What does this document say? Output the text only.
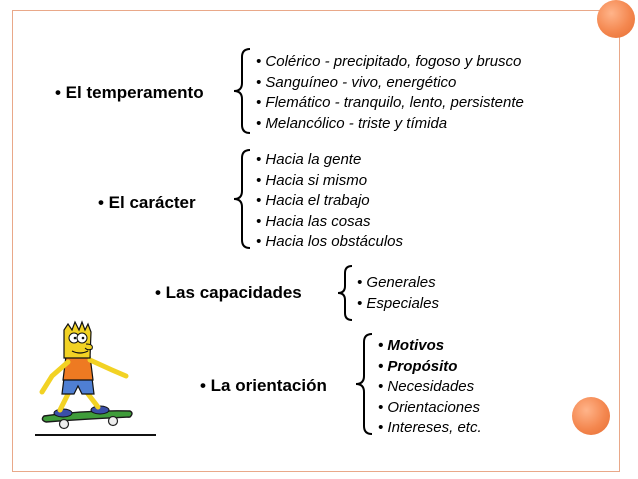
• El temperamento
• Colérico - precipitado, fogoso y brusco
• Sanguíneo - vivo, energético
• Flemático - tranquilo, lento, persistente
• Melancólico - triste y tímida
• El carácter
• Hacia la gente
• Hacia si mismo
• Hacia el trabajo
• Hacia las cosas
• Hacia los obstáculos
• Las capacidades
• Generales
• Especiales
• La orientación
• Motivos
• Propósito
• Necesidades
• Orientaciones
• Intereses, etc.
